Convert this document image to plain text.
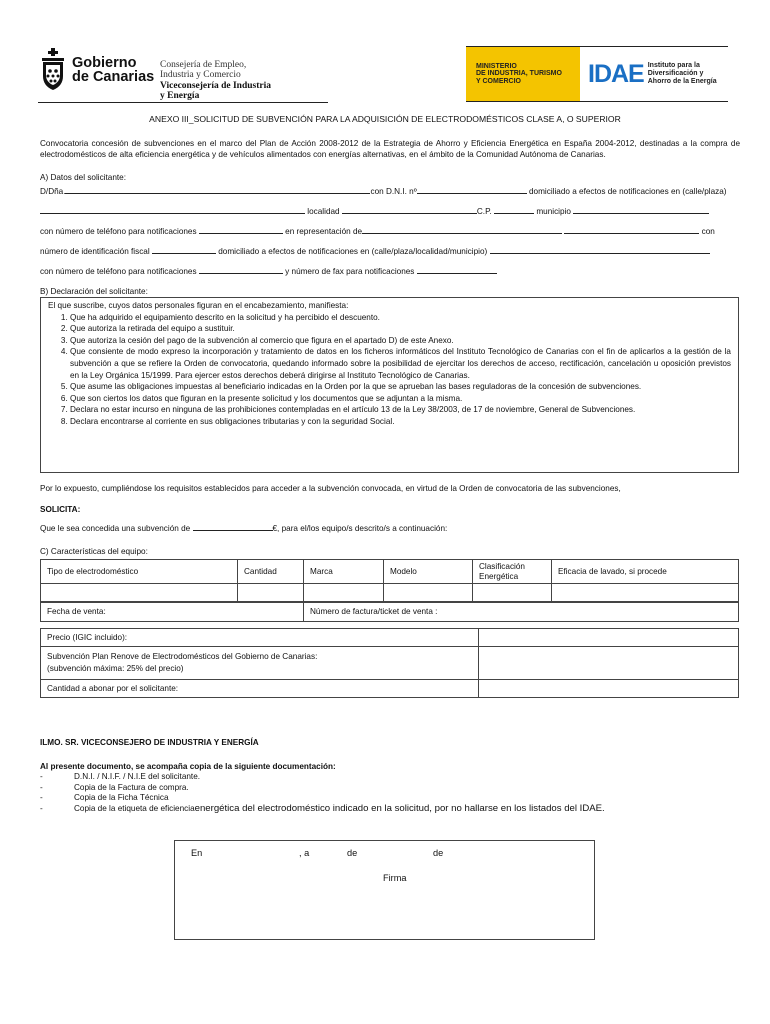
Gobierno
de Canarias
Consejería de Empleo,
Industria y Comercio
Viceconsejería de Industria
y Energía
MINISTERIO
DE INDUSTRIA, TURISMO
Y COMERCIO	IDAE Instituto para la
Diversificación y
Ahorro de la Energía
ANEXO III_SOLICITUD DE SUBVENCIÓN PARA LA ADQUISICIÓN DE ELECTRODOMÉSTICOS CLASE A, O SUPERIOR
Convocatoria concesión de subvenciones en el marco del Plan de Acción 2008-2012 de la Estrategia de Ahorro y Eficiencia Energética en España 2004-2012, destinadas a la compra de electrodomésticos de alta eficiencia energética y de vehículos alimentados con energías alternativas, en el ámbito de la Comunidad Autónoma de Canarias.
A) Datos del solicitante:
D/Dña.	con D.N.I. nº	domiciliado a efectos de notificaciones en (calle/plaza)
localidad	C.P.	municipio
con número de teléfono para notificaciones	en representación de	con
número de identificación fiscal	domiciliado a efectos de notificaciones en (calle/plaza/localidad/municipio)
con número de teléfono para notificaciones	y número de fax para notificaciones
B) Declaración del solicitante:
El que suscribe, cuyos datos personales figuran en el encabezamiento, manifiesta:
1. Que ha adquirido el equipamiento descrito en la solicitud y ha percibido el descuento.
2. Que autoriza la retirada del equipo a sustituir.
3. Que autoriza la cesión del pago de la subvención al comercio que figura en el apartado D) de este Anexo.
4. Que consiente de modo expreso la incorporación y tratamiento de datos en los ficheros informáticos del Instituto Tecnológico de Canarias con el fin de aplicarlos a la gestión de la subvención a que se refiere la Orden de convocatoria, quedando informado sobre la posibilidad de ejercitar los derechos de acceso, rectificación, cancelación u oposición previstos en la Ley Orgánica 15/1999. Para ejercer estos derechos deberá dirigirse al Instituto Tecnológico de Canarias.
5. Que asume las obligaciones impuestas al beneficiario indicadas en la Orden por la que se aprueban las bases reguladoras de la concesión de subvenciones.
6. Que son ciertos los datos que figuran en la presente solicitud y los documentos que se adjuntan a la misma.
7. Declara no estar incurso en ninguna de las prohibiciones contempladas en el artículo 13 de la Ley 38/2003, de 17 de noviembre, General de Subvenciones.
8. Declara encontrarse al corriente en sus obligaciones tributarias y con la seguridad Social.
Por lo expuesto, cumpliéndose los requisitos establecidos para acceder a la subvención convocada, en virtud de la Orden de convocatoria de las subvenciones,
SOLICITA:
Que le sea concedida una subvención de	€, para el/los equipo/s descrito/s a continuación:
C) Características del equipo:
Tipo de electrodoméstico	Cantidad	Marca	Modelo	Clasificación Energética	Eficacia de lavado, si procede

Fecha de venta:	Número de factura/ticket de venta :
Precio (IGIC incluido):	

Subvención Plan Renove de Electrodomésticos del Gobierno de Canarias:
(subvención máxima: 25% del precio)	

Cantidad a abonar por el solicitante:	
ILMO. SR. VICECONSEJERO DE INDUSTRIA Y ENERGÍA
Al presente documento, se acompaña copia de la siguiente documentación:
-	D.N.I. / N.I.F. / N.I.E del solicitante.
-	Copia de la Factura de compra.
-	Copia de la Ficha Técnica
-	Copia de la etiqueta de eficiencia energética del electrodoméstico indicado en la solicitud, por no hallarse en los listados del IDAE.
En	, a	de	de
Firma
